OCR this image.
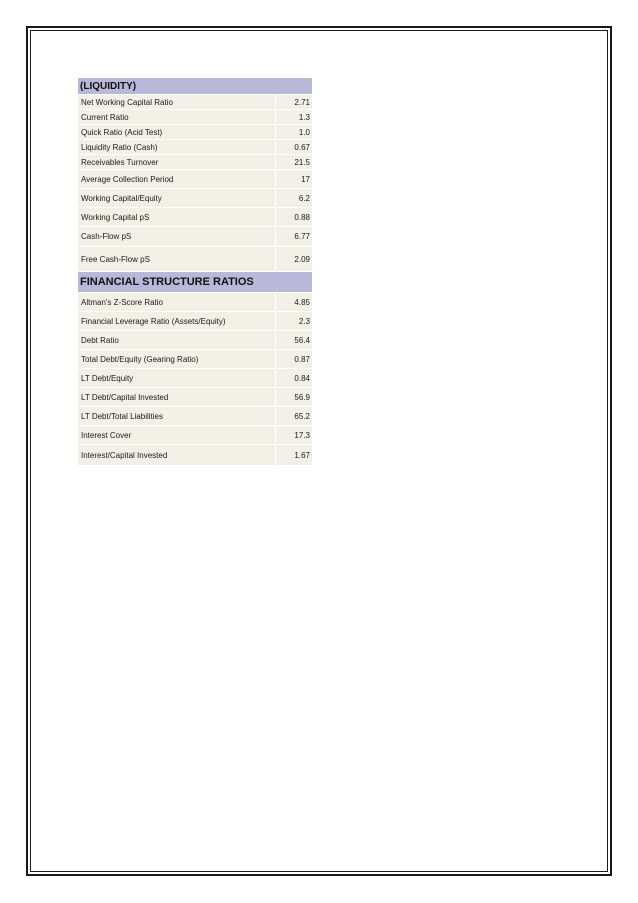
(LIQUIDITY)
Net Working Capital Ratio	2.71
Current Ratio	1.3
Quick Ratio (Acid Test)	1.0
Liquidity Ratio (Cash)	0.67
Receivables Turnover	21.5
Average Collection Period	17
Working Capital/Equity	6.2
Working Capital pS	0.88
Cash-Flow pS	6.77
Free Cash-Flow pS	2.09
FINANCIAL STRUCTURE RATIOS
Altman's Z-Score Ratio	4.85
Financial Leverage Ratio (Assets/Equity)	2.3
Debt Ratio	56.4
Total Debt/Equity (Gearing Ratio)	0.87
LT Debt/Equity	0.84
LT Debt/Capital Invested	56.9
LT Debt/Total Liabilities	65.2
Interest Cover	17.3
Interest/Capital Invested	1.67
